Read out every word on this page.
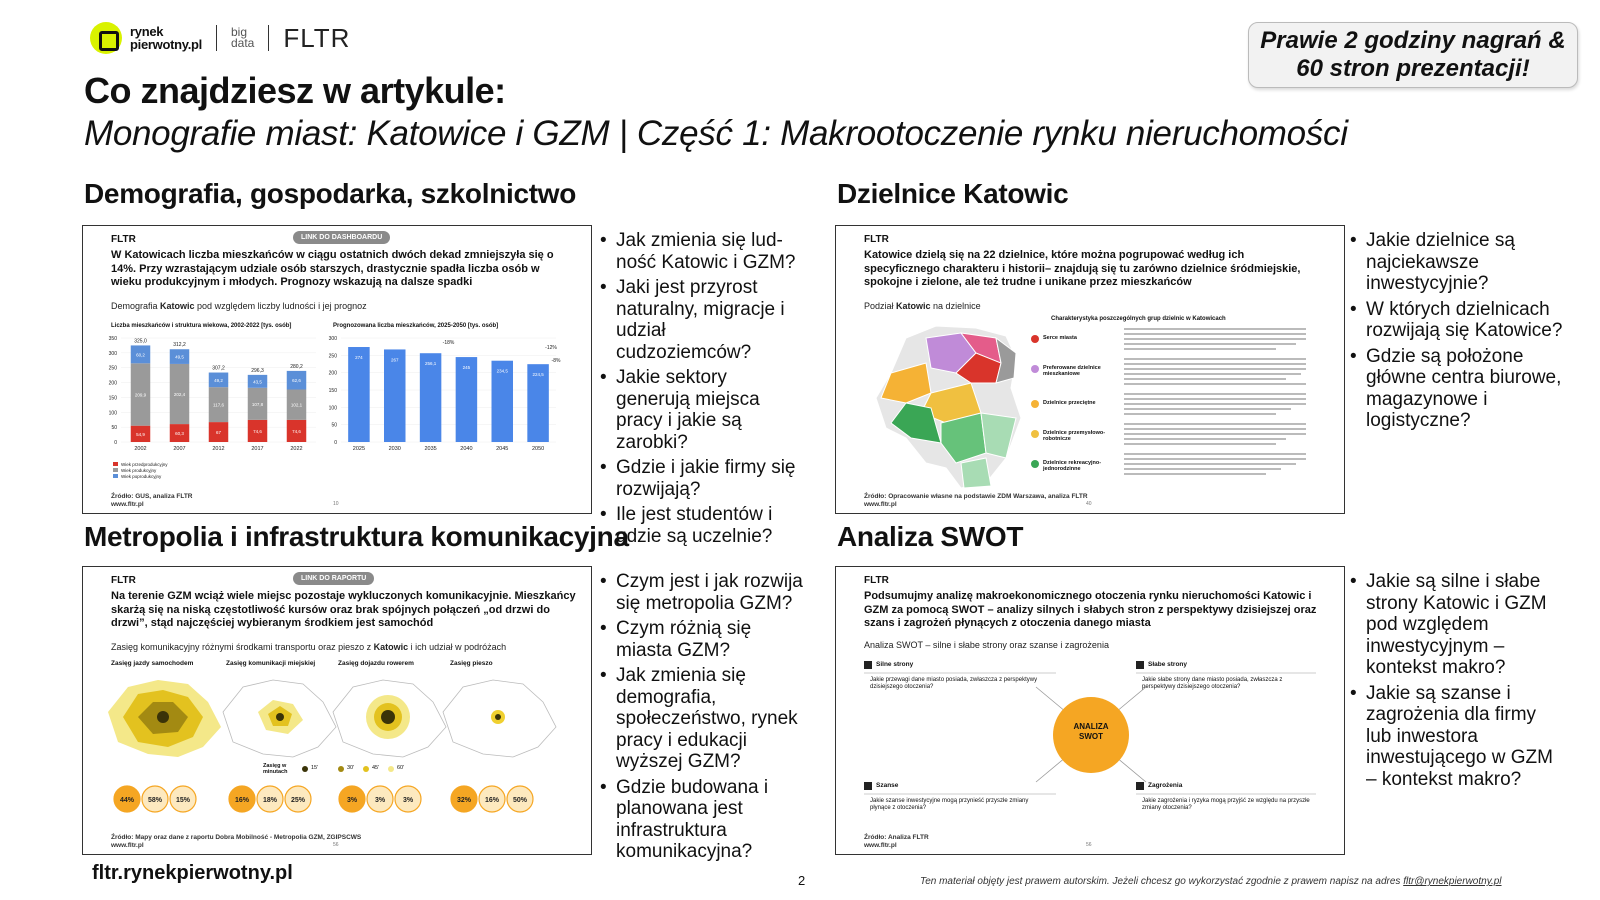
rynek
pierwotny.pl
big
data FLTR	Prawie 2 godziny nagrań &
60 stron prezentacji!
Co znajdziesz w artykule:
Monografie miast: Katowice i GZM | Część 1: Makrootoczenie rynku nieruchomości
Demografia, gospodarka, szkolnictwo
FLTR	LINK DO DASHBOARDU
W Katowicach liczba mieszkańców w ciągu ostatnich dwóch dekad zmniejszyła się o 14%. Przy wzrastającym udziale osób starszych, drastycznie spadła liczba osób w wieku produkcyjnym i młodych. Prognozy wskazują na dalsze spadki
Demografia Katowic pod względem liczby ludności i jej prognoz
Liczba mieszkańców i struktura wiekowa, 2002-2022 [tys. osób]	Prognozowana liczba mieszkańców, 2025-2050 [tys. osób]
0
50
100
150
200
250
300
350
54,9
209,9
60,2
325,0
2002
60,3
202,4
49,5
312,2
2007
67
117,6
49,2
307,2
2012
74,6
107,8
43,5
296,3
2017
74,6
102,1
62,6
280,2
2022
Wiek przedprodukcyjny
Wiek produkcyjny
Wiek poprodukcyjny
0
50
100
150
200
250
300
274
2025
267
2030
256,1
2035
245
2040
234,5
2045
224,5
2050
-18%
-12%
-8%
Źródło: GUS, analiza FLTR
www.fltr.pl	10
• Jak zmienia się lud-ność Katowic i GZM?
• Jaki jest przyrost naturalny, migracje i udział cudzoziemców?
• Jakie sektory generują miejsca pracy i jakie są zarobki?
• Gdzie i jakie firmy się rozwijają?
• Ile jest studentów i gdzie są uczelnie?
Dzielnice Katowic
FLTR
Katowice dzielą się na 22 dzielnice, które można pogrupować według ich specyficznego charakteru i historii– znajdują się tu zarówno dzielnice śródmiejskie, spokojne i zielone, ale też trudne i unikane przez mieszkańców
Podział Katowic na dzielnice
Charakterystyka poszczególnych grup dzielnic w Katowicach
Serce miasta
Preferowane dzielnice mieszkaniowe
Dzielnice przeciętne
Dzielnice przemysłowo-robotnicze
Dzielnice rekreacyjno-jednorodzinne
Źródło: Opracowanie własne na podstawie ZDM Warszawa, analiza FLTR
www.fltr.pl	40
• Jakie dzielnice są najciekawsze inwestycyjnie?
• W których dzielnicach rozwijają się Katowice?
• Gdzie są położone główne centra biurowe, magazynowe i logistyczne?
Metropolia i infrastruktura komunikacyjna
FLTR	LINK DO RAPORTU
Na terenie GZM wciąż wiele miejsc pozostaje wykluczonych komunikacyjnie. Mieszkańcy skarżą się na niską częstotliwość kursów oraz brak spójnych połączeń „od drzwi do drzwi”, stąd najczęściej wybieranym środkiem jest samochód
Zasięg komunikacyjny różnymi środkami transportu oraz pieszo z Katowic i ich udział w podróżach
Zasięg jazdy samochodem	Zasięg komunikacji miejskiej	Zasięg dojazdu rowerem	Zasięg pieszo
44% 58% 15%	16% 18% 25%	3%	3%	3%	32% 16% 50%
Zasięg w minutach
15'	30'	45'	60'
Źródło: Mapy oraz dane z raportu Dobra Mobilność - Metropolia GZM, ZGIPSCWS
www.fltr.pl	56
• Czym jest i jak rozwija się metropolia GZM?
• Czym różnią się miasta GZM?
• Jak zmienia się demografia, społeczeństwo, rynek pracy i edukacji wyższej GZM?
• Gdzie budowana i planowana jest infrastruktura komunikacyjna?
Analiza SWOT
FLTR
Podsumujmy analizę makroekonomicznego otoczenia rynku nieruchomości Katowic i GZM za pomocą SWOT – analizy silnych i słabych stron z perspektywy dzisiejszej oraz szans i zagrożeń płynących z otoczenia danego miasta
Analiza SWOT – silne i słabe strony oraz szanse i zagrożenia
ANALIZA
SWOT
Silne strony
Jakie przewagi dane miasto posiada, zwłaszcza z perspektywy dzisiejszego otoczenia?
Słabe strony
Jakie słabe strony dane miasto posiada, zwłaszcza z perspektywy dzisiejszego otoczenia?
Szanse
Jakie szanse inwestycyjne mogą przynieść przyszłe zmiany płynące z otoczenia?
Zagrożenia
Jakie zagrożenia i ryzyka mogą przyjść ze względu na przyszłe zmiany otoczenia?
Źródło: Analiza FLTR
www.fltr.pl	56
• Jakie są silne i słabe strony Katowic i GZM pod względem inwestycyjnym – kontekst makro?
• Jakie są szanse i zagrożenia dla firmy lub inwestora inwestującego w GZM – kontekst makro?
fltr.rynekpierwotny.pl	2	Ten materiał objęty jest prawem autorskim. Jeżeli chcesz go wykorzystać zgodnie z prawem napisz na adres fltr@rynekpierwotny.pl
